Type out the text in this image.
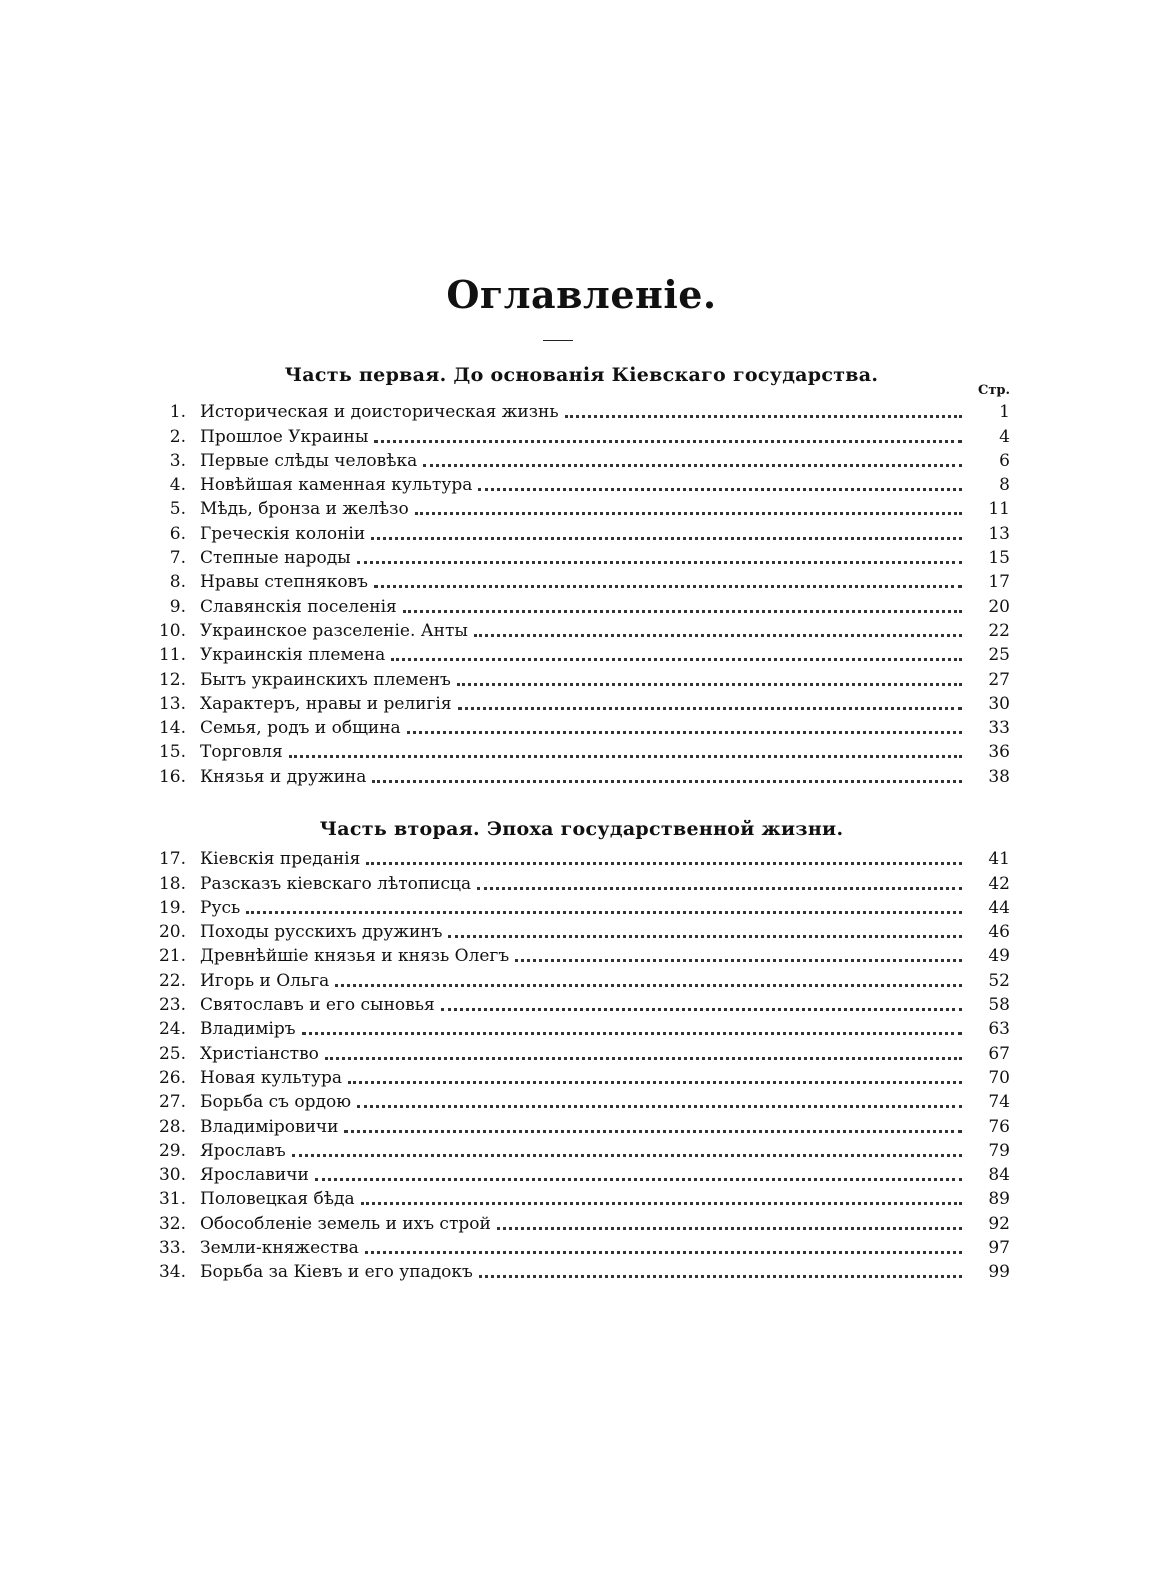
Оглавленіе.
Часть первая. До основанія Кіевскаго государства.
Стр.
1. Историческая и доисторическая жизнь	1
2. Прошлое Украины	4
3. Первые слѣды человѣка	6
4. Новѣйшая каменная культура	8
5. Мѣдь, бронза и желѣзо	11
6. Греческія колоніи	13
7. Степные народы	15
8. Нравы степняковъ	17
9. Славянскія поселенія	20
10. Украинское разселеніе. Анты	22
11. Украинскія племена	25
12. Бытъ украинскихъ племенъ	27
13. Характеръ, нравы и религія	30
14. Семья, родъ и община	33
15. Торговля	36
16. Князья и дружина	38
Часть вторая. Эпоха государственной жизни.
17. Кіевскія преданія	41
18. Разсказъ кіевскаго лѣтописца	42
19. Русь	44
20. Походы русскихъ дружинъ	46
21. Древнѣйшіе князья и князь Олегъ	49
22. Игорь и Ольга	52
23. Святославъ и его сыновья	58
24. Владиміръ	63
25. Христіанство	67
26. Новая культура	70
27. Борьба съ ордою	74
28. Владиміровичи	76
29. Ярославъ	79
30. Ярославичи	84
31. Половецкая бѣда	89
32. Обособленіе земель и ихъ строй	92
33. Земли-княжества	97
34. Борьба за Кіевъ и его упадокъ	99
